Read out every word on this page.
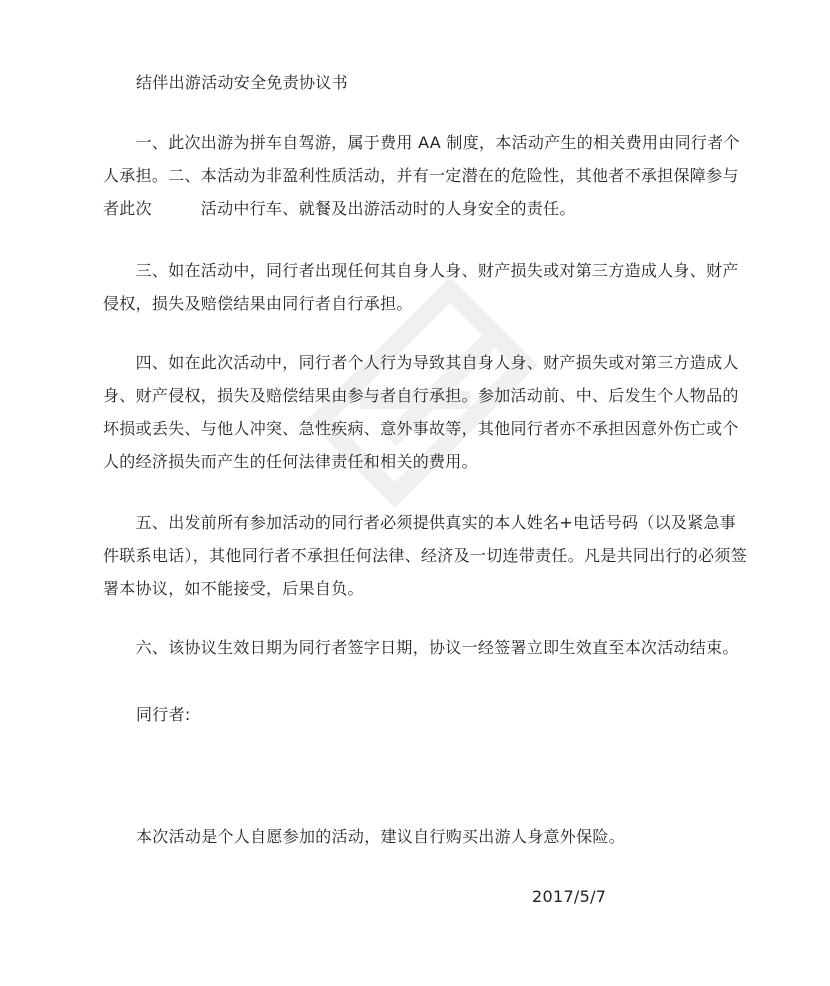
结伴出游活动安全免责协议书
　　一、此次出游为拼车自驾游，属于费用 AA 制度，本活动产生的相关费用由同行者个
人承担。二、本活动为非盈利性质活动，并有一定潜在的危险性，其他者不承担保障参与
者此次　　　活动中行车、就餐及出游活动时的人身安全的责任。
　　三、如在活动中，同行者出现任何其自身人身、财产损失或对第三方造成人身、财产
侵权，损失及赔偿结果由同行者自行承担。
　　四、如在此次活动中，同行者个人行为导致其自身人身、财产损失或对第三方造成人
身、财产侵权，损失及赔偿结果由参与者自行承担。参加活动前、中、后发生个人物品的
坏损或丢失、与他人冲突、急性疾病、意外事故等，其他同行者亦不承担因意外伤亡或个
人的经济损失而产生的任何法律责任和相关的费用。
　　五、出发前所有参加活动的同行者必须提供真实的本人姓名+电话号码（以及紧急事
件联系电话），其他同行者不承担任何法律、经济及一切连带责任。凡是共同出行的必须签
署本协议，如不能接受，后果自负。
　　六、该协议生效日期为同行者签字日期，协议一经签署立即生效直至本次活动结束。
同行者:
本次活动是个人自愿参加的活动，建议自行购买出游人身意外保险。
2017/5/7
